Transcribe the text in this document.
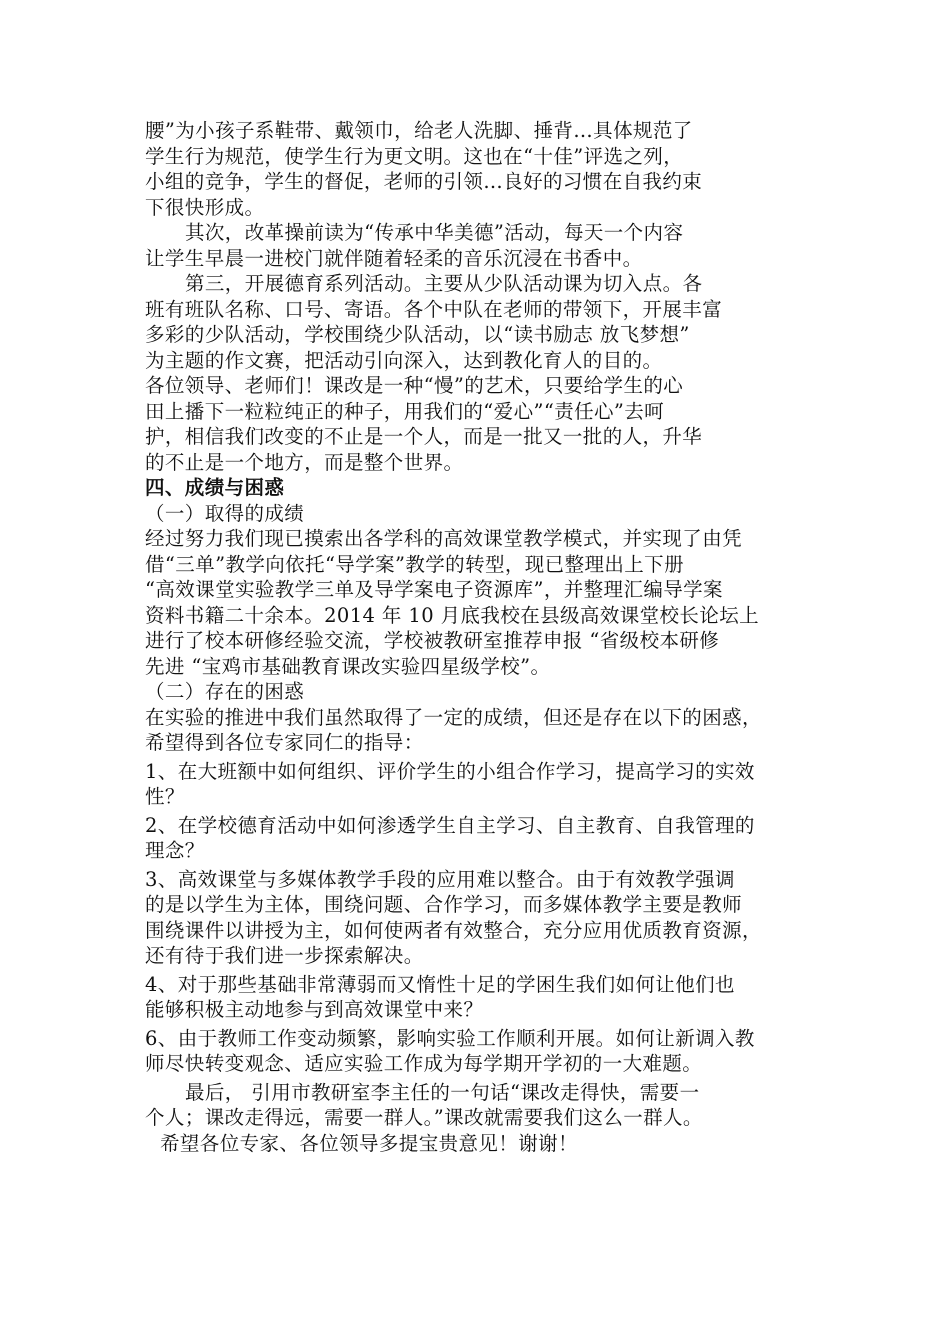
腰”为小孩子系鞋带、戴领巾，给老人洗脚、捶背…具体规范了

学生行为规范，使学生行为更文明。这也在“十佳”评选之列，

小组的竞争，学生的督促，老师的引领…良好的习惯在自我约束

下很快形成。

其次，改革操前读为“传承中华美德”活动，每天一个内容

让学生早晨一进校门就伴随着轻柔的音乐沉浸在书香中。

第三，开展德育系列活动。主要从少队活动课为切入点。各

班有班队名称、口号、寄语。各个中队在老师的带领下，开展丰富

多彩的少队活动，学校围绕少队活动，以“读书励志 放飞梦想”

为主题的作文赛，把活动引向深入，达到教化育人的目的。

各位领导、老师们！课改是一种“慢”的艺术，只要给学生的心

田上播下一粒粒纯正的种子，用我们的“爱心”“责任心”去呵

护，相信我们改变的不止是一个人，而是一批又一批的人，升华

的不止是一个地方，而是整个世界。

四、成绩与困惑

（一）取得的成绩

经过努力我们现已摸索出各学科的高效课堂教学模式，并实现了由凭

借“三单”教学向依托“导学案”教学的转型，现已整理出上下册

“高效课堂实验教学三单及导学案电子资源库”，并整理汇编导学案

资料书籍二十余本。2014 年 10 月底我校在县级高效课堂校长论坛上

进行了校本研修经验交流，学校被教研室推荐申报 “省级校本研修

先进 “宝鸡市基础教育课改实验四星级学校”。

（二）存在的困惑

在实验的推进中我们虽然取得了一定的成绩，但还是存在以下的困惑，

希望得到各位专家同仁的指导：

1、在大班额中如何组织、评价学生的小组合作学习，提高学习的实效

性？

2、在学校德育活动中如何渗透学生自主学习、自主教育、自我管理的

理念？

3、高效课堂与多媒体教学手段的应用难以整合。由于有效教学强调

的是以学生为主体，围绕问题、合作学习，而多媒体教学主要是教师

围绕课件以讲授为主，如何使两者有效整合，充分应用优质教育资源，

还有待于我们进一步探索解决。

4、对于那些基础非常薄弱而又惰性十足的学困生我们如何让他们也

能够积极主动地参与到高效课堂中来？

6、由于教师工作变动频繁，影响实验工作顺利开展。如何让新调入教

师尽快转变观念、适应实验工作成为每学期开学初的一大难题。

最后， 引用市教研室李主任的一句话“课改走得快，需要一

个人；课改走得远，需要一群人。”课改就需要我们这么一群人。

希望各位专家、各位领导多提宝贵意见！谢谢！
